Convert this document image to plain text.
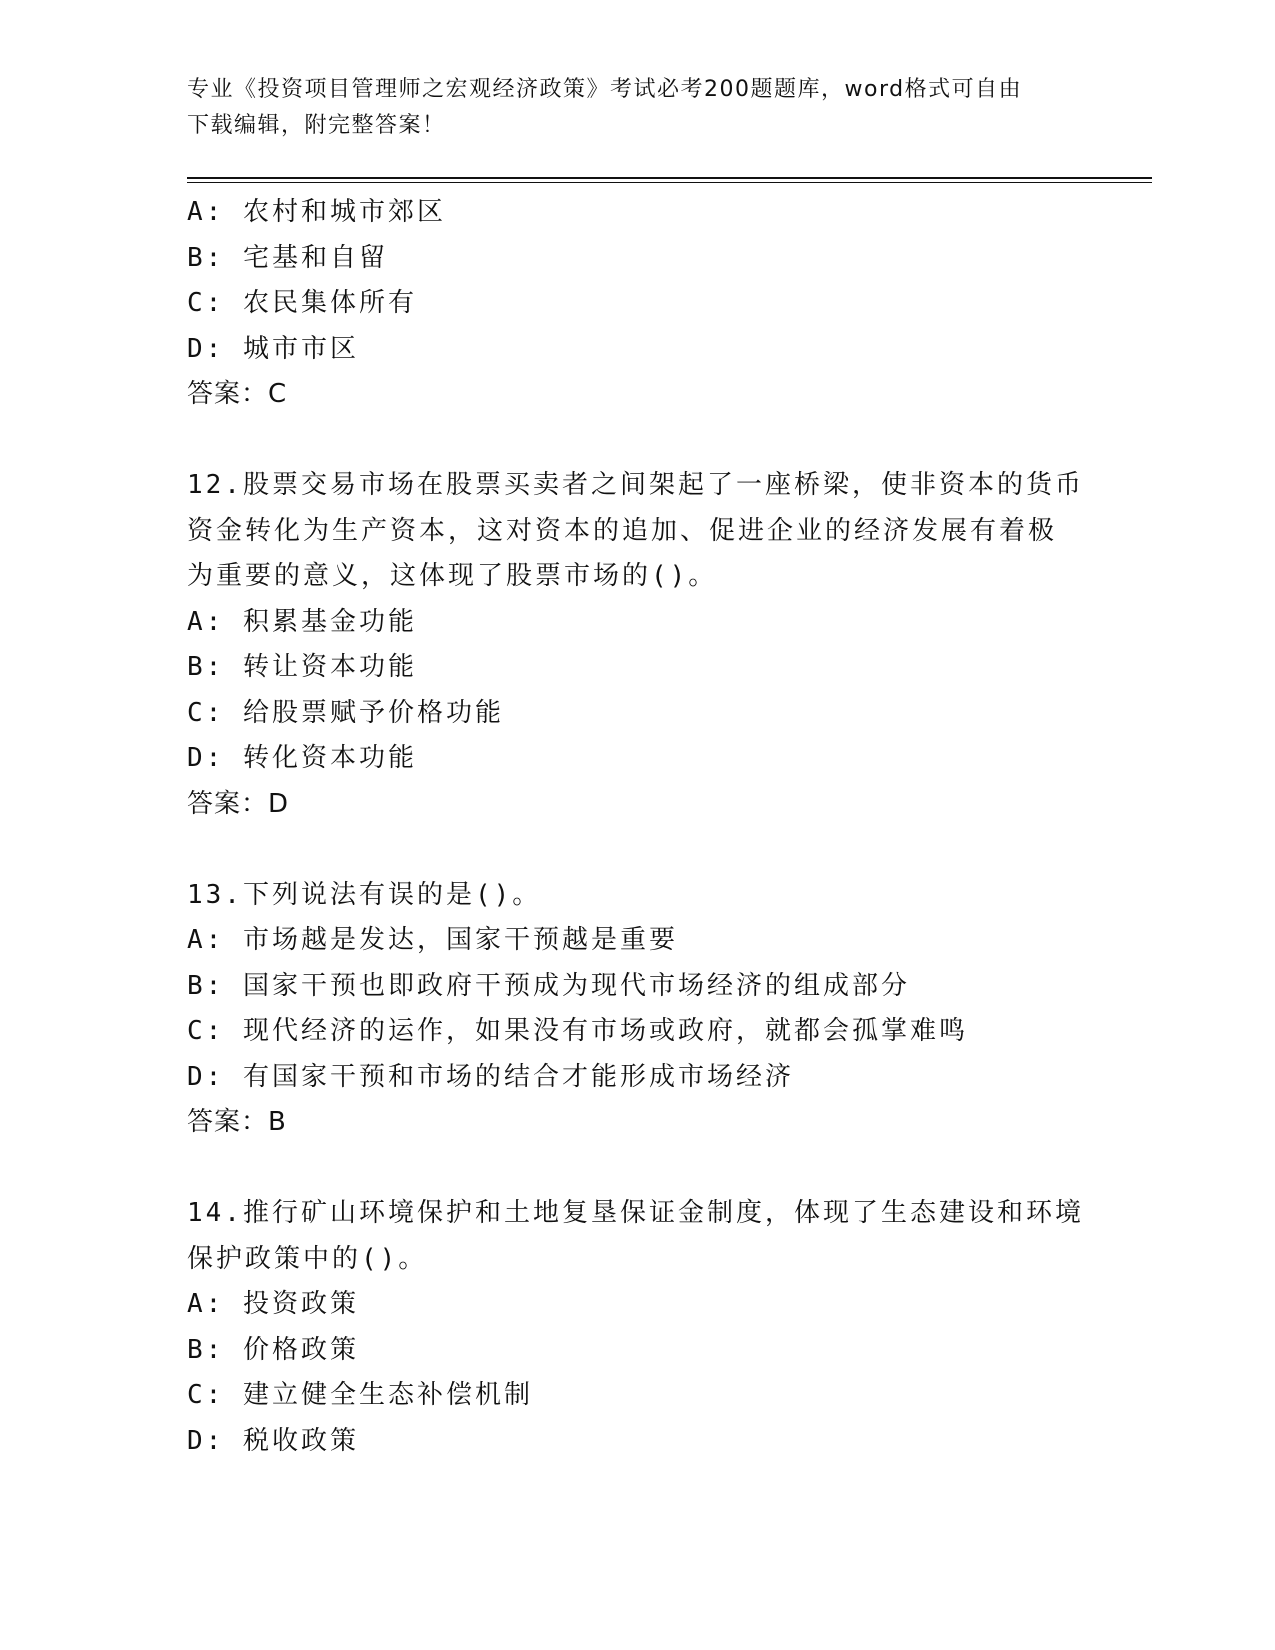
专业《投资项目管理师之宏观经济政策》考试必考200题题库，word格式可自由
下载编辑，附完整答案！
A: 农村和城市郊区
B: 宅基和自留
C: 农民集体所有
D: 城市市区
答案：C
12.股票交易市场在股票买卖者之间架起了一座桥梁，使非资本的货币
资金转化为生产资本，这对资本的追加、促进企业的经济发展有着极
为重要的意义，这体现了股票市场的()。
A: 积累基金功能
B: 转让资本功能
C: 给股票赋予价格功能
D: 转化资本功能
答案：D
13.下列说法有误的是()。
A: 市场越是发达，国家干预越是重要
B: 国家干预也即政府干预成为现代市场经济的组成部分
C: 现代经济的运作，如果没有市场或政府，就都会孤掌难鸣
D: 有国家干预和市场的结合才能形成市场经济
答案：B
14.推行矿山环境保护和土地复垦保证金制度，体现了生态建设和环境
保护政策中的()。
A: 投资政策
B: 价格政策
C: 建立健全生态补偿机制
D: 税收政策
